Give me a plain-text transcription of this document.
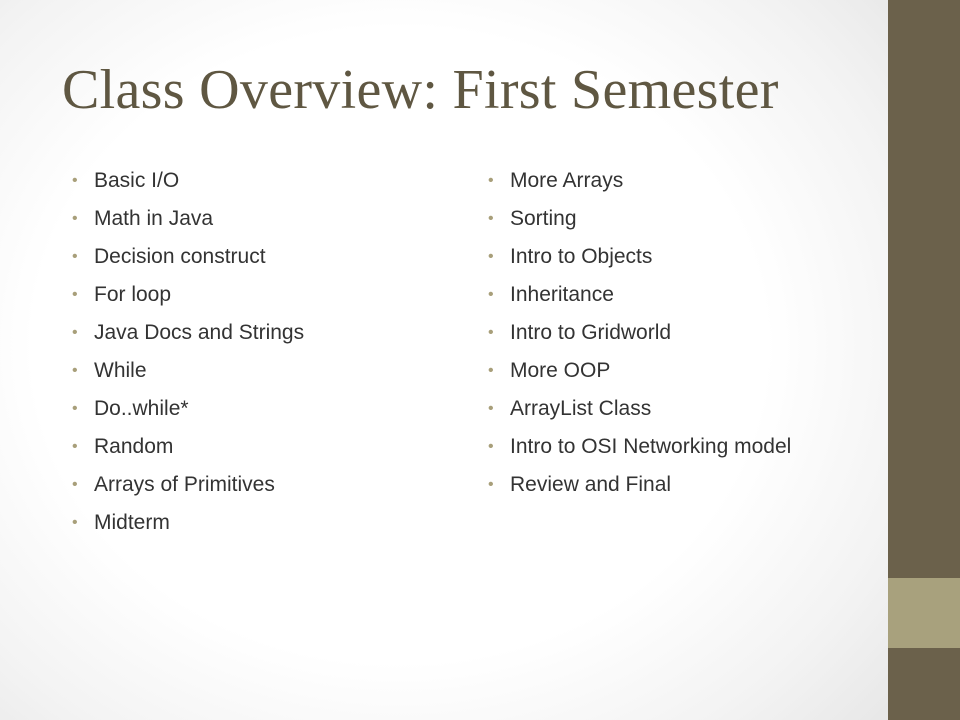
Class Overview: First Semester
• Basic I/O
• Math in Java
• Decision construct
• For loop
• Java Docs and Strings
• While
• Do..while*
• Random
• Arrays of Primitives
• Midterm
• More Arrays
• Sorting
• Intro to Objects
• Inheritance
• Intro to Gridworld
• More OOP
• ArrayList Class
• Intro to OSI Networking model
• Review and Final
